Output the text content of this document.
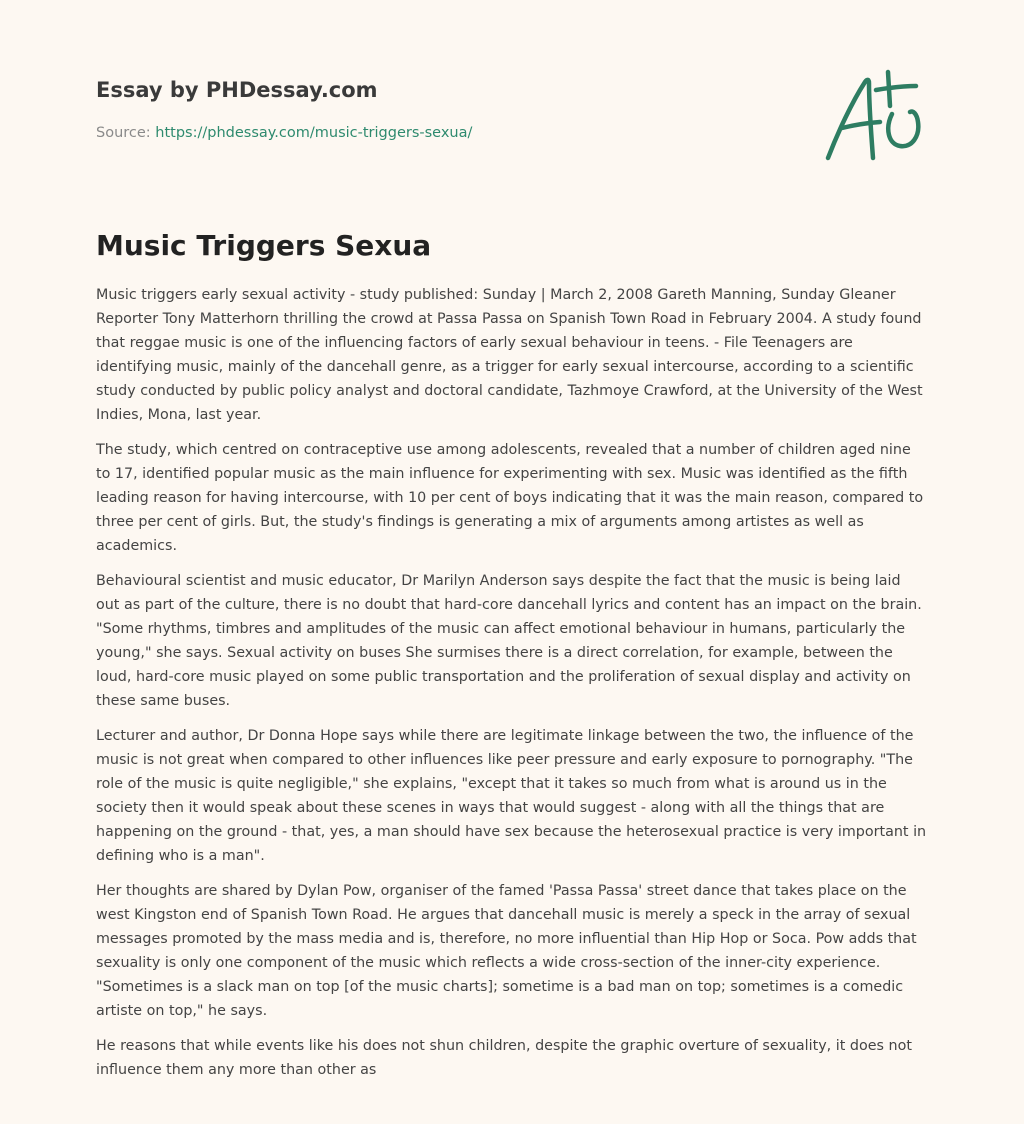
Essay by PHDessay.com
Source: https://phdessay.com/music-triggers-sexua/
Music Triggers Sexua

Music triggers early sexual activity - study published: Sunday | March 2, 2008 Gareth Manning, Sunday Gleaner Reporter Tony Matterhorn thrilling the crowd at Passa Passa on Spanish Town Road in February 2004. A study found that reggae music is one of the influencing factors of early sexual behaviour in teens. - File Teenagers are identifying music, mainly of the dancehall genre, as a trigger for early sexual intercourse, according to a scientific study conducted by public policy analyst and doctoral candidate, Tazhmoye Crawford, at the University of the West Indies, Mona, last year.

The study, which centred on contraceptive use among adolescents, revealed that a number of children aged nine to 17, identified popular music as the main influence for experimenting with sex. Music was identified as the fifth leading reason for having intercourse, with 10 per cent of boys indicating that it was the main reason, compared to three per cent of girls. But, the study's findings is generating a mix of arguments among artistes as well as academics.

Behavioural scientist and music educator, Dr Marilyn Anderson says despite the fact that the music is being laid out as part of the culture, there is no doubt that hard-core dancehall lyrics and content has an impact on the brain. "Some rhythms, timbres and amplitudes of the music can affect emotional behaviour in humans, particularly the young," she says. Sexual activity on buses She surmises there is a direct correlation, for example, between the loud, hard-core music played on some public transportation and the proliferation of sexual display and activity on these same buses.

Lecturer and author, Dr Donna Hope says while there are legitimate linkage between the two, the influence of the music is not great when compared to other influences like peer pressure and early exposure to pornography. "The role of the music is quite negligible," she explains, "except that it takes so much from what is around us in the society then it would speak about these scenes in ways that would suggest - along with all the things that are happening on the ground - that, yes, a man should have sex because the heterosexual practice is very important in defining who is a man".

Her thoughts are shared by Dylan Pow, organiser of the famed 'Passa Passa' street dance that takes place on the west Kingston end of Spanish Town Road. He argues that dancehall music is merely a speck in the array of sexual messages promoted by the mass media and is, therefore, no more influential than Hip Hop or Soca. Pow adds that sexuality is only one component of the music which reflects a wide cross-section of the inner-city experience. "Sometimes is a slack man on top [of the music charts]; sometime is a bad man on top; sometimes is a comedic artiste on top," he says.

He reasons that while events like his does not shun children, despite the graphic overture of sexuality, it does not influence them any more than other as
